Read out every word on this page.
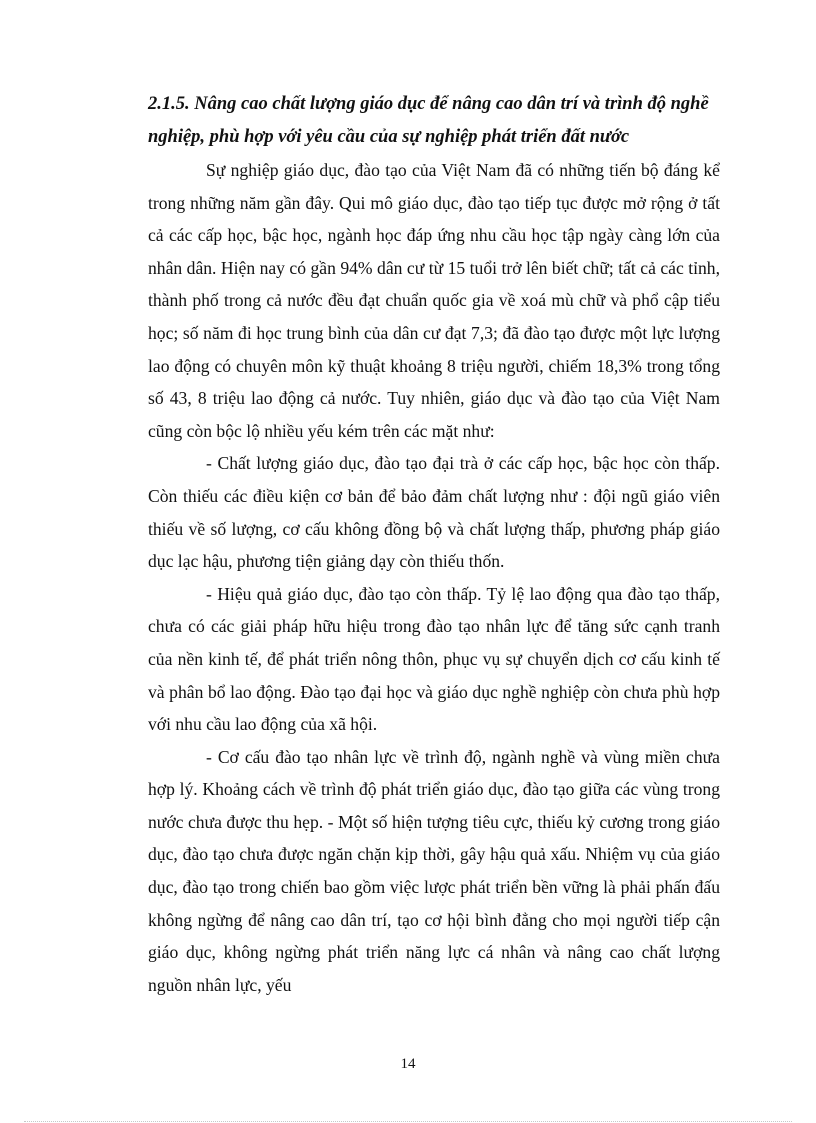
2.1.5. Nâng cao chất lượng giáo dục để nâng cao dân trí và trình độ nghề nghiệp, phù hợp với yêu cầu của sự nghiệp phát triển đất nước

Sự nghiệp giáo dục, đào tạo của Việt Nam đã có những tiến bộ đáng kể trong những năm gần đây. Qui mô giáo dục, đào tạo tiếp tục được mở rộng ở tất cả các cấp học, bậc học, ngành học đáp ứng nhu cầu học tập ngày càng lớn của nhân dân. Hiện nay có gần 94% dân cư từ 15 tuổi trở lên biết chữ; tất cả các tỉnh, thành phố trong cả nước đều đạt chuẩn quốc gia về xoá mù chữ và phổ cập tiểu học; số năm đi học trung bình của dân cư đạt 7,3; đã đào tạo được một lực lượng lao động có chuyên môn kỹ thuật khoảng 8 triệu người, chiếm 18,3% trong tổng số 43, 8 triệu lao động cả nước. Tuy nhiên, giáo dục và đào tạo của Việt Nam cũng còn bộc lộ nhiều yếu kém trên các mặt như:

- Chất lượng giáo dục, đào tạo đại trà ở các cấp học, bậc học còn thấp. Còn thiếu các điều kiện cơ bản để bảo đảm chất lượng như : đội ngũ giáo viên thiếu về số lượng, cơ cấu không đồng bộ và chất lượng thấp, phương pháp giáo dục lạc hậu, phương tiện giảng dạy còn thiếu thốn.

- Hiệu quả giáo dục, đào tạo còn thấp. Tỷ lệ lao động qua đào tạo thấp, chưa có các giải pháp hữu hiệu trong đào tạo nhân lực để tăng sức cạnh tranh của nền kinh tế, để phát triển nông thôn, phục vụ sự chuyển dịch cơ cấu kinh tế và phân bổ lao động. Đào tạo đại học và giáo dục nghề nghiệp còn chưa phù hợp với nhu cầu lao động của xã hội.

- Cơ cấu đào tạo nhân lực về trình độ, ngành nghề và vùng miền chưa hợp lý. Khoảng cách về trình độ phát triển giáo dục, đào tạo giữa các vùng trong nước chưa được thu hẹp. - Một số hiện tượng tiêu cực, thiếu kỷ cương trong giáo dục, đào tạo chưa được ngăn chặn kịp thời, gây hậu quả xấu. Nhiệm vụ của giáo dục, đào tạo trong chiến bao gồm việc lược phát triển bền vững là phải phấn đấu không ngừng để nâng cao dân trí, tạo cơ hội bình đẳng cho mọi người tiếp cận giáo dục, không ngừng phát triển năng lực cá nhân và nâng cao chất lượng nguồn nhân lực, yếu

14
